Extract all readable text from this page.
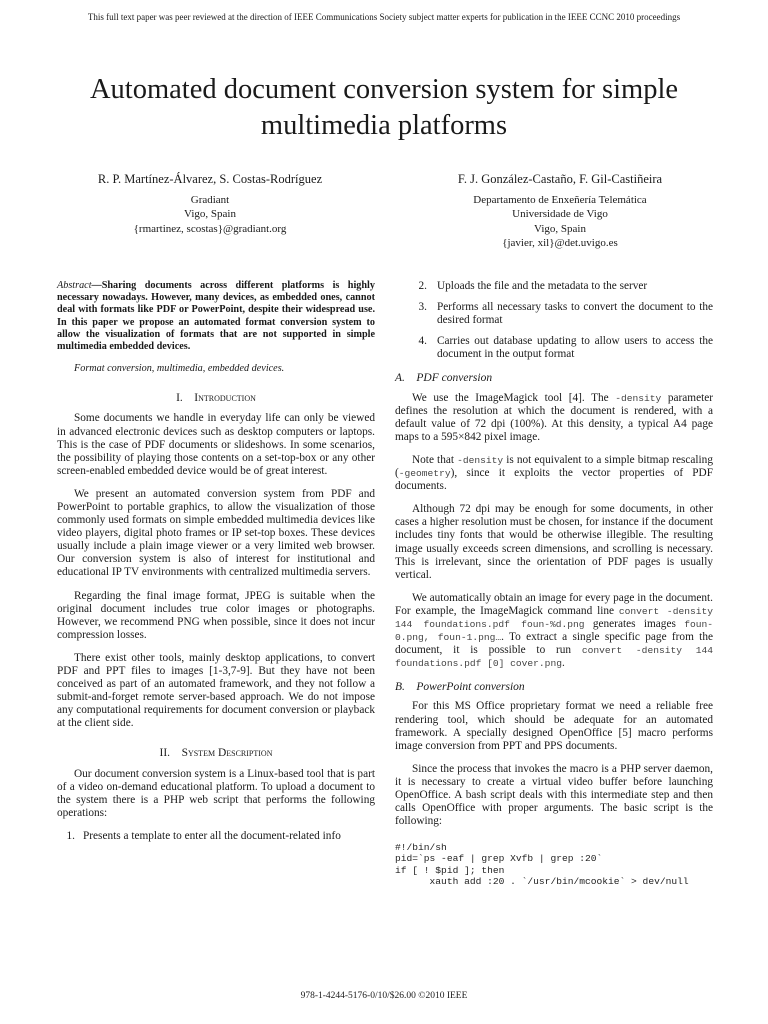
This full text paper was peer reviewed at the direction of IEEE Communications Society subject matter experts for publication in the IEEE CCNC 2010 proceedings
Automated document conversion system for simple
multimedia platforms
R. P. Martínez-Álvarez, S. Costas-Rodríguez
Gradiant
Vigo, Spain
{rmartinez, scostas}@gradiant.org
F. J. González-Castaño, F. Gil-Castiñeira
Departamento de Enxeñería Telemática
Universidade de Vigo
Vigo, Spain
{javier, xil}@det.uvigo.es
Abstract—Sharing documents across different platforms is highly necessary nowadays. However, many devices, as embedded ones, cannot deal with formats like PDF or PowerPoint, despite their widespread use. In this paper we propose an automated format conversion system to allow the visualization of formats that are not supported in simple multimedia embedded devices.
Format conversion, multimedia, embedded devices.
I. Introduction

Some documents we handle in everyday life can only be viewed in advanced electronic devices such as desktop computers or laptops. This is the case of PDF documents or slideshows. In some scenarios, the possibility of playing those contents on a set-top-box or any other screen-enabled embedded device would be of great interest.

We present an automated conversion system from PDF and PowerPoint to portable graphics, to allow the visualization of those commonly used formats on simple embedded multimedia devices like video players, digital photo frames or IP set-top boxes. These devices usually include a plain image viewer or a very limited web browser. Our conversion system is also of interest for institutional and educational IP TV environments with centralized multimedia servers.

Regarding the final image format, JPEG is suitable when the original document includes true color images or photographs. However, we recommend PNG when possible, since it does not incur compression losses.

There exist other tools, mainly desktop applications, to convert PDF and PPT files to images [1-3,7-9]. But they have not been conceived as part of an automated framework, and they not follow a submit-and-forget remote server-based approach. We do not impose any computational requirements for document conversion or playback at the client side.

II. System Description

Our document conversion system is a Linux-based tool that is part of a video on-demand educational platform. To upload a document to the system there is a PHP web script that performs the following operations:

1. Presents a template to enter all the document-related info
2. Uploads the file and the metadata to the server
3. Performs all necessary tasks to convert the document to the desired format
4. Carries out database updating to allow users to access the document in the output format
A.    PDF conversion

We use the ImageMagick tool [4]. The -density parameter defines the resolution at which the document is rendered, with a default value of 72 dpi (100%). At this density, a typical A4 page maps to a 595×842 pixel image.

Note that -density is not equivalent to a simple bitmap rescaling (-geometry), since it exploits the vector properties of PDF documents.

Although 72 dpi may be enough for some documents, in other cases a higher resolution must be chosen, for instance if the document includes tiny fonts that would be otherwise illegible. The resulting image usually exceeds screen dimensions, and scrolling is necessary. This is irrelevant, since the orientation of PDF pages is usually vertical.

We automatically obtain an image for every page in the document. For example, the ImageMagick command line convert -density 144 foundations.pdf foun-%d.png generates images foun-0.png, foun-1.png…. To extract a single specific page from the document, it is possible to run convert -density 144 foundations.pdf [0] cover.png.

B.    PowerPoint conversion

For this MS Office proprietary format we need a reliable free rendering tool, which should be adequate for an automated framework. A specially designed OpenOffice [5] macro performs image conversion from PPT and PPS documents.

Since the process that invokes the macro is a PHP server daemon, it is necessary to create a virtual video buffer before launching OpenOffice. A bash script deals with this intermediate step and then calls OpenOffice with proper arguments. The basic script is the following:

#!/bin/sh
pid=`ps -eaf | grep Xvfb | grep :20`
if [ ! $pid ]; then
xauth add :20 . `/usr/bin/mcookie` > dev/null
978-1-4244-5176-0/10/$26.00 ©2010 IEEE
